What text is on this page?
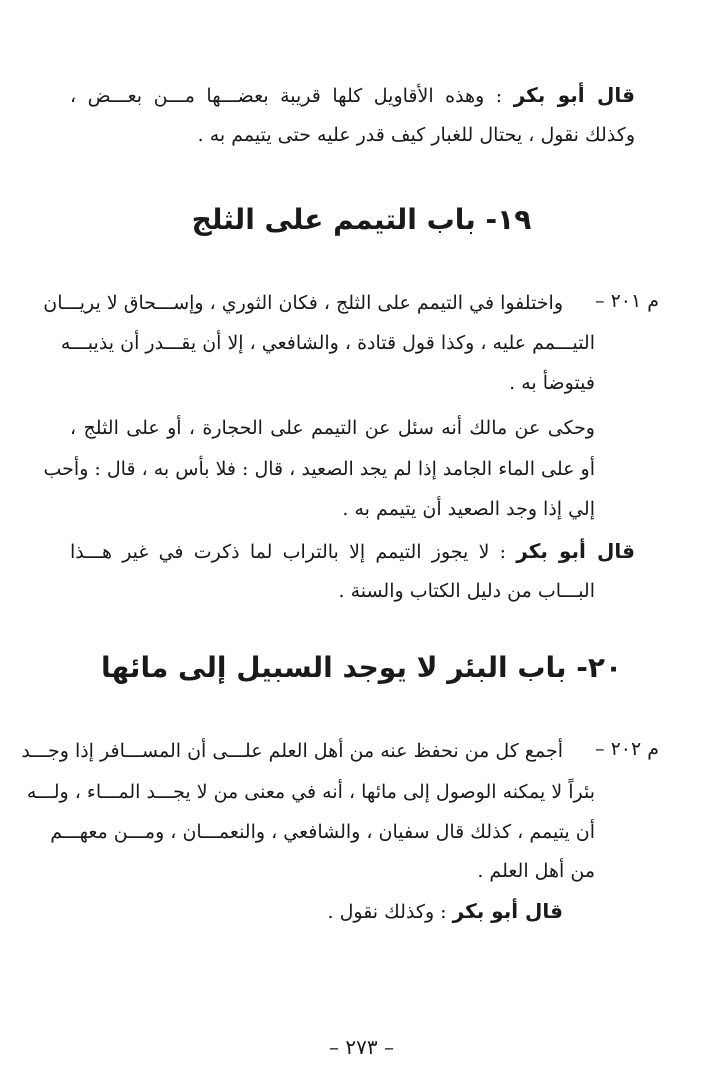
قال أبو بكر : وهذه الأقاويل كلها قريبة بعضـــها مـــن بعـــض ،
وكذلك نقول ، يحتال للغبار كيف قدر عليه حتى يتيمم به .
١٩- باب التيمم على الثلج
م ٢٠١ –
واختلفوا في التيمم على الثلج ، فكان الثوري ، وإســـحاق لا يريـــان
التيـــمم عليه ، وكذا قول قتادة ، والشافعي ، إلا أن يقـــدر أن يذيبـــه
فيتوضأ به .
وحكى عن مالك أنه سئل عن التيمم على الحجارة ، أو على الثلج ،
أو على الماء الجامد إذا لم يجد الصعيد ، قال : فلا بأس به ، قال : وأحب
إلي إذا وجد الصعيد أن يتيمم به .
قال أبو بكر : لا يجوز التيمم إلا بالتراب لما ذكرت في غير هـــذا
البـــاب من دليل الكتاب والسنة .
٢٠- باب البئر لا يوجد السبيل إلى مائها
م ٢٠٢ –
أجمع كل من نحفظ عنه من أهل العلم علـــى أن المســـافر إذا وجـــد
بئراً لا يمكنه الوصول إلى مائها ، أنه في معنى من لا يجـــد المـــاء ، ولـــه
أن يتيمم ، كذلك قال سفيان ، والشافعي ، والنعمـــان ، ومـــن معهـــم
من أهل العلم .
قال أبو بكر : وكذلك نقول .
– ٢٧٣ –
